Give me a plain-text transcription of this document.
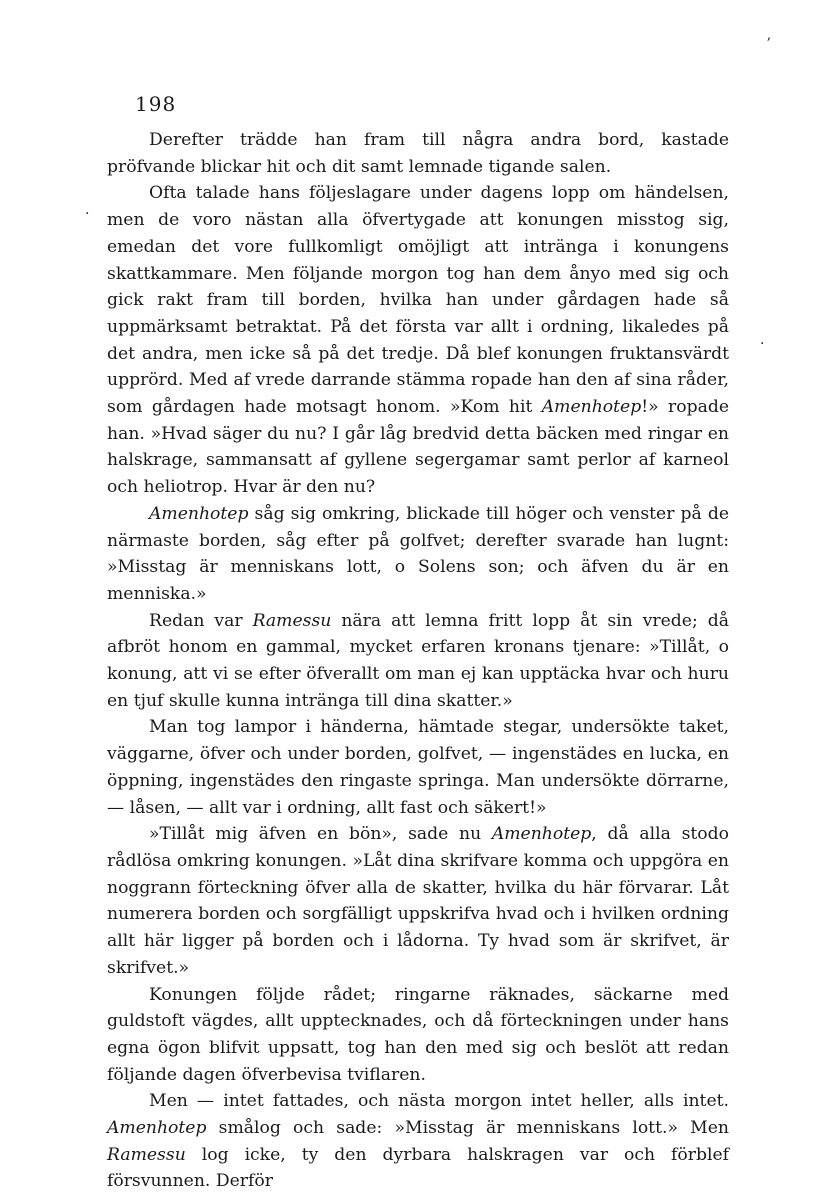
198

Derefter trädde han fram till några andra bord, kastade pröfvande blickar hit och dit samt lemnade tigande salen.

Ofta talade hans följeslagare under dagens lopp om händelsen, men de voro nästan alla öfvertygade att konungen misstog sig, emedan det vore fullkomligt omöjligt att intränga i konungens skattkammare. Men följande morgon tog han dem ånyo med sig och gick rakt fram till borden, hvilka han under gårdagen hade så uppmärksamt betraktat. På det första var allt i ordning, likaledes på det andra, men icke så på det tredje. Då blef konungen fruktansvärdt upprörd. Med af vrede darrande stämma ropade han den af sina råder, som gårdagen hade motsagt honom. »Kom hit Amenhotep!» ropade han. »Hvad säger du nu? I går låg bredvid detta bäcken med ringar en halskrage, sammansatt af gyllene segergamar samt perlor af karneol och heliotrop. Hvar är den nu?

Amenhotep såg sig omkring, blickade till höger och venster på de närmaste borden, såg efter på golfvet; derefter svarade han lugnt: »Misstag är menniskans lott, o Solens son; och äfven du är en menniska.»

Redan var Ramessu nära att lemna fritt lopp åt sin vrede; då afbröt honom en gammal, mycket erfaren kronans tjenare: »Tillåt, o konung, att vi se efter öfverallt om man ej kan upptäcka hvar och huru en tjuf skulle kunna inträngа till dina skatter.»

Man tog lampor i händerna, hämtade stegar, undersökte taket, väggarne, öfver och under borden, golfvet, — ingenstädes en lucka, en öppning, ingenstädes den ringaste springa. Man undersökte dörrarne, — låsen, — allt var i ordning, allt fast och säkert!»

»Tillåt mig äfven en bön», sade nu Amenhotep, då alla stodo rådlösa omkring konungen. »Låt dina skrifvare komma och uppgöra en noggrann förteckning öfver alla de skatter, hvilka du här förvarar. Låt numerera borden och sorgfälligt uppskrifva hvad och i hvilken ordning allt här ligger på borden och i lådorna. Ty hvad som är skrifvet, är skrifvet.»

Konungen följde rådet; ringarne räknades, säckarne med guldstoft vägdes, allt upptecknades, och då förteckningen under hans egna ögon blifvit uppsatt, tog han den med sig och beslöt att redan följande dagen öfverbevisa tviflaren.

Men — intet fattades, och nästa morgon intet heller, alls intet. Amenhotep smålog och sade: »Misstag är menniskans lott.» Men Ramessu log icke, ty den dyrbara halskragen var och förblef försvunnen. Derför

ʼ
·
·
